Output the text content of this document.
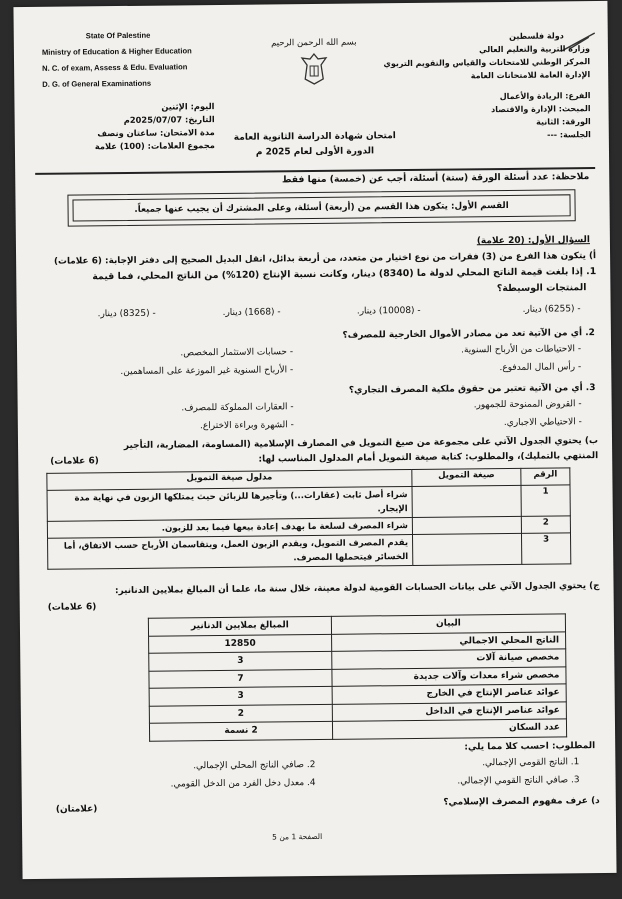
State Of Palestine
Ministry of Education & Higher Education
N. C. of exam, Assess & Edu. Evaluation
D. G. of General Examinations
دولة فلسطين
وزارة التربية والتعليم العالي
المركز الوطني للامتحانات والقياس والتقويم التربوي
الإدارة العامة للامتحانات العامة
الفرع: الريادة والأعمال
المبحث: الإدارة والاقتصاد
الورقة: الثانية
الجلسة: ---
بسم الله الرحمن الرحيم
امتحان شهادة الدراسة الثانوية العامة
الدورة الأولى لعام 2025 م
اليوم: الإثنين
التاريخ: 2025/07/07م
مدة الامتحان: ساعتان ونصف
مجموع العلامات: (100) علامة
ملاحظة: عدد أسئلة الورقة (ستة) أسئلة، أجب عن (خمسة) منها فقط
القسم الأول: يتكون هذا القسم من (أربعة) أسئلة، وعلى المشترك أن يجيب عنها جميعاً.
السؤال الأول: (20 علامة)
أ) يتكون هذا الفرع من (3) فقرات من نوع اختيار من متعدد، من أربعة بدائل، انقل البديل الصحيح إلى دفتر الإجابة: (6 علامات)
1. إذا بلغت قيمة الناتج المحلي لدولة ما (8340) دينار، وكانت نسبة الإنتاج (120%) من الناتج المحلي، فما قيمة
المنتجات الوسيطة؟
- (6255) دينار.
- (10008) دينار.
- (1668) دينار.
- (8325) دينار.
2. أي من الآتية تعد من مصادر الأموال الخارجية للمصرف؟
- الاحتياطات من الأرباح السنوية.
- حسابات الاستثمار المخصص.
- رأس المال المدفوع.
- الأرباح السنوية غير الموزعة على المساهمين.
3. أي من الآتية تعتبر من حقوق ملكية المصرف التجاري؟
- القروض الممنوحة للجمهور.
- العقارات المملوكة للمصرف.
- الاحتياطي الاجباري.
- الشهرة وبراءة الاختراع.
ب) يحتوي الجدول الآتي على مجموعة من صيغ التمويل في المصارف الإسلامية (المساومة، المضاربة، التأجير
المنتهي بالتمليك)، والمطلوب: كتابة صيغة التمويل أمام المدلول المناسب لها:
(6 علامات)
الرقم	صيغة التمويل	مدلول صيغة التمويل
1		شراء أصل ثابت (عقارات...) وتأجيرها للزبائن حيث يمتلكها الزبون في نهاية مدة الإيجار.
2		شراء المصرف لسلعة ما بهدف إعادة بيعها فيما بعد للزبون.
3		يقدم المصرف التمويل، ويقدم الزبون العمل، ويتقاسمان الأرباح حسب الاتفاق، أما الخسائر فيتحملها المصرف.
ج) يحتوي الجدول الآتي على بيانات الحسابات القومية لدولة معينة، خلال سنة ما، علما أن المبالغ بملايين الدنانير:
(6 علامات)
البيان	المبالغ بملايين الدنانير
الناتج المحلي الاجمالي	12850
مخصص صيانة آلات	3
مخصص شراء معدات وآلات جديدة	7
عوائد عناصر الإنتاج في الخارج	3
عوائد عناصر الإنتاج في الداخل	2
عدد السكان	2 نسمة
المطلوب: احسب كلا مما يلي:
1. الناتج القومي الإجمالي.
2. صافي الناتج المحلي الإجمالي.
3. صافي الناتج القومي الإجمالي.
4. معدل دخل الفرد من الدخل القومي.
د) عرف مفهوم المصرف الإسلامي؟
(علامتان)
الصفحة 1 من 5
